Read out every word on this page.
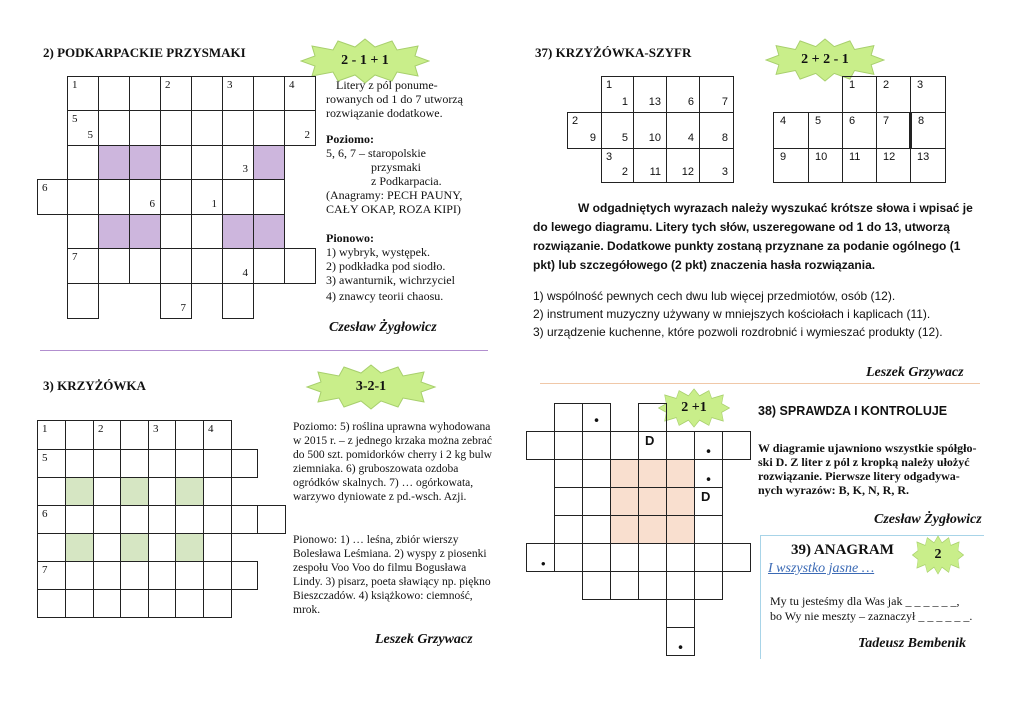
2) PODKARPACKIE PRZYSMAKI
2 - 1 + 1

	1			2		3		4

	5
5							2

						3		

6			6		1			

	7					4		

				7				

Litery z pól ponume-
rowanych od 1 do 7 utworzą
rozwiązanie dodatkowe.
Poziomo:
5, 6, 7 – staropolskie
przysmaki
z Podkarpacia.
(Anagramy: PECH PAUNY,
CAŁY OKAP, ROZA KIPI)
Pionowo:
1) wybryk, występek.
2) podkładka pod siodło.
3) awanturnik, wichrzyciel
4) znawcy teorii chaosu.
Czesław Żygłowicz
3) KRZYŻÓWKA	3-2-1
1		2		3		4		

5								

6								

7								

Poziomo: 5) roślina uprawna wyhodowana w 2015 r. – z jednego krzaka można zebrać do 500 szt. pomidorków cherry i 2 kg bulw ziemniaka. 6) gruboszowata ozdoba ogródków skalnych. 7) … ogórkowata, warzywo dyniowate z pd.-wsch. Azji.
Pionowo: 1) … leśna, zbiór wierszy Bolesława Leśmiana. 2) wyspy z piosenki zespołu Voo Voo do filmu Bogusława Lindy. 3) pisarz, poeta sławiący np. piękno Bieszczadów. 4) książkowo: ciemność, mrok.
Leszek Grzywacz
37) KRZYŻÓWKA-SZYFR	2 + 2 - 1

	1
1	13	6	7

2
9	5	10	4	8

	3
2	11	12	3

		1	2	3

4	5	6	7	8

9	10	11	12	13
W odgadniętych wyrazach należy wyszukać krótsze słowa i wpisać je do lewego diagramu. Litery tych słów, uszeregowane od 1 do 13, utworzą rozwiązanie. Dodatkowe punkty zostaną przyznane za podanie ogólnego (1 pkt) lub szczegółowego (2 pkt) znaczenia hasła rozwiązania.
1) wspólność pewnych cech dwu lub więcej przedmiotów, osób (12).
2) instrument muzyczny używany w mniejszych kościołach i kaplicach (11).
3) urządzenie kuchenne, które pozwoli rozdrobnić i wymieszać produkty (12).
Leszek Grzywacz
2 +1	38) SPRAWDZA I KONTROLUJE

		•					

				D		•	

						•	

						D	

					•		

•
W diagramie ujawniono wszystkie spółgło-ski D. Z liter z pól z kropką należy ułożyć rozwiązanie. Pierwsze litery odgadywa-nych wyrazów: B, K, N, R, R.
Czesław Żygłowicz
39) ANAGRAM
I wszystko jasne …
2
My tu jesteśmy dla Was jak _ _ _ _ _ _,
bo Wy nie meszty – zaznaczył _ _ _ _ _ _.
Tadeusz Bembenik
